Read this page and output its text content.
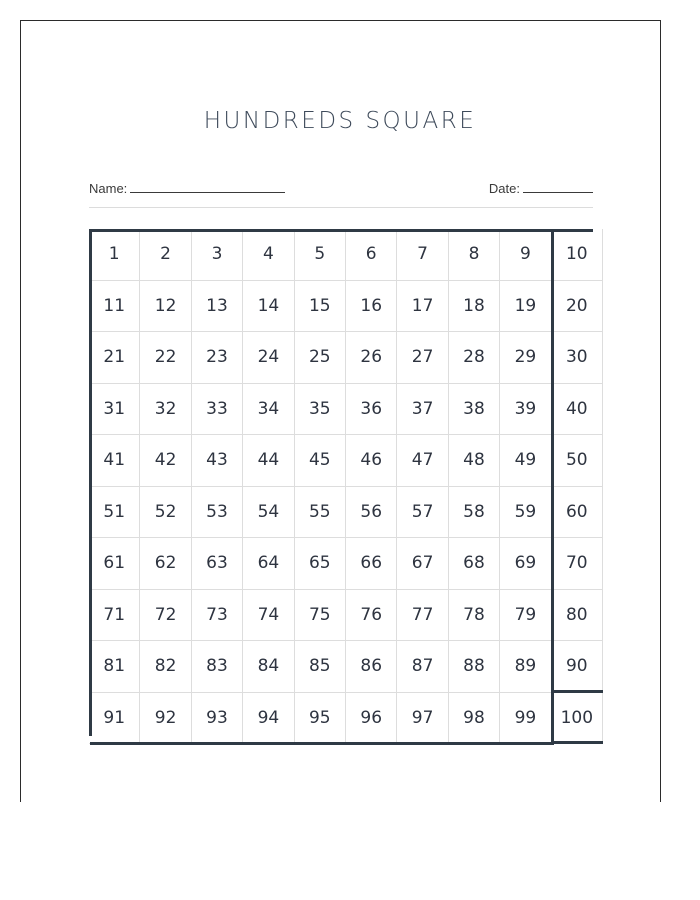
HUNDREDS SQUARE
Name:	Date:
1	2	3	4	5	6	7	8	9	10
11	12	13	14	15	16	17	18	19	20
21	22	23	24	25	26	27	28	29	30
31	32	33	34	35	36	37	38	39	40
41	42	43	44	45	46	47	48	49	50
51	52	53	54	55	56	57	58	59	60
61	62	63	64	65	66	67	68	69	70
71	72	73	74	75	76	77	78	79	80
81	82	83	84	85	86	87	88	89	90
91	92	93	94	95	96	97	98	99	100
